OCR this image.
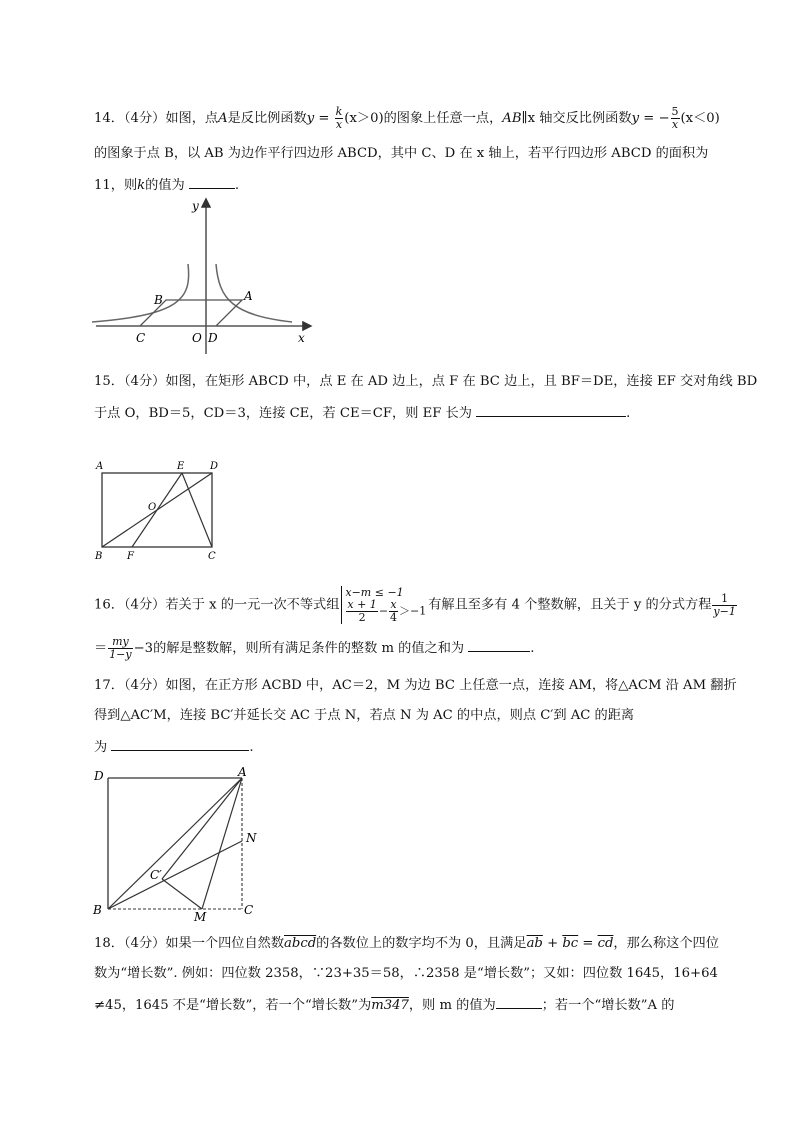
14．（4分）如图，点A是反比例函数$y = \frac{k}{x} (x>0)$的图象上任意一点，AB∥x 轴交反比例函数y = − $\frac{5}{x} (x<0)$
的图象于点 B，以 AB 为边作平行四边形 ABCD，其中 C、D 在 x 轴上，若平行四边形 ABCD 的面积为
11，则k的值为	.
y
x
B	A
C	O D
15．（4分）如图，在矩形 ABCD 中，点 E 在 AD 边上，点 F 在 BC 边上，且 BF＝DE，连接 EF 交对角线 BD
于点 O，BD＝5，CD＝3，连接 CE，若 CE＝CF，则 EF 长为	.
A	E	D
O
B F	C
16．（4分）若关于 x 的一元一次不等式组
x−m ≤ −1
$\frac{x + 1}{2} - \frac{x}{4} >-1$ 有解且至多有 4 个整数解，且关于 y 的分式方程 $\frac{1}{y-1}$
＝ $\frac{my}{1-y} -3$的解是整数解，则所有满足条件的整数 m 的值之和为	.
17．（4分）如图，在正方形 ACBD 中，AC＝2，M 为边 BC 上任意一点，连接 AM，将△ACM 沿 AM 翻折
得到△AC′M，连接 BC′并延长交 AC 于点 N，若点 N 为 AC 的中点，则点 C′到 AC 的距离
为	.
D	A
N
C′
B	M	C
18．（4分）如果一个四位自然数abcd的各数位上的数字均不为 0，且满足$\overline{ab} + \overline{bc} = \overline{cd}$，那么称这个四位
数为“增长数”. 例如：四位数 2358，∵23+35＝58，∴2358 是“增长数”；又如：四位数 1645，16+64
≠45，1645 不是“增长数”，若一个“增长数”为m347，则 m 的值为	；若一个“增长数”A 的
